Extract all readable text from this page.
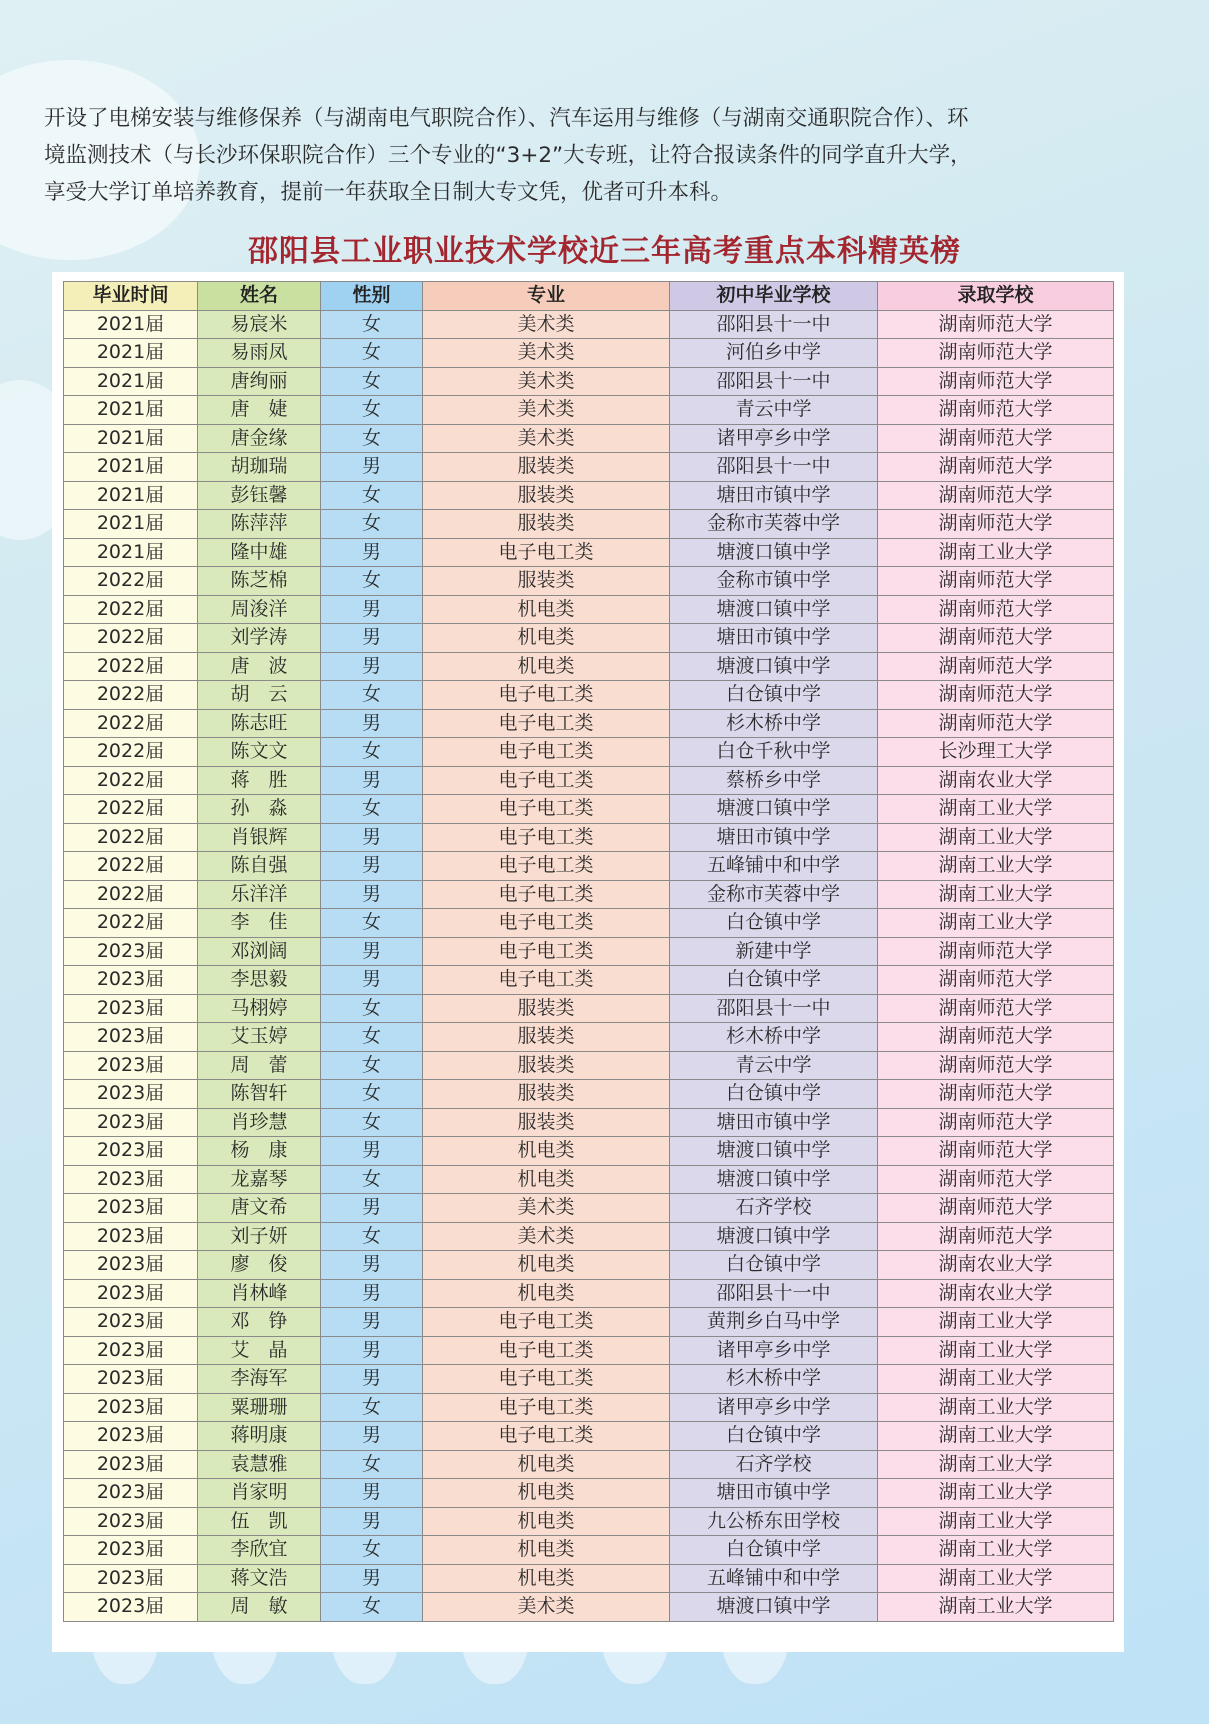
开设了电梯安装与维修保养（与湖南电气职院合作）、汽车运用与维修（与湖南交通职院合作）、环

境监测技术（与长沙环保职院合作）三个专业的“3+2”大专班，让符合报读条件的同学直升大学，

享受大学订单培养教育，提前一年获取全日制大专文凭，优者可升本科。

邵阳县工业职业技术学校近三年高考重点本科精英榜
毕业时间	姓名	性别	专业	初中毕业学校	录取学校
2021届	易宸米	女	美术类	邵阳县十一中	湖南师范大学
2021届	易雨凤	女	美术类	河伯乡中学	湖南师范大学
2021届	唐绚丽	女	美术类	邵阳县十一中	湖南师范大学
2021届	唐　婕	女	美术类	青云中学	湖南师范大学
2021届	唐金缘	女	美术类	诸甲亭乡中学	湖南师范大学
2021届	胡珈瑞	男	服装类	邵阳县十一中	湖南师范大学
2021届	彭钰馨	女	服装类	塘田市镇中学	湖南师范大学
2021届	陈萍萍	女	服装类	金称市芙蓉中学	湖南师范大学
2021届	隆中雄	男	电子电工类	塘渡口镇中学	湖南工业大学
2022届	陈芝棉	女	服装类	金称市镇中学	湖南师范大学
2022届	周浚洋	男	机电类	塘渡口镇中学	湖南师范大学
2022届	刘学涛	男	机电类	塘田市镇中学	湖南师范大学
2022届	唐　波	男	机电类	塘渡口镇中学	湖南师范大学
2022届	胡　云	女	电子电工类	白仓镇中学	湖南师范大学
2022届	陈志旺	男	电子电工类	杉木桥中学	湖南师范大学
2022届	陈文文	女	电子电工类	白仓千秋中学	长沙理工大学
2022届	蒋　胜	男	电子电工类	蔡桥乡中学	湖南农业大学
2022届	孙　淼	女	电子电工类	塘渡口镇中学	湖南工业大学
2022届	肖银辉	男	电子电工类	塘田市镇中学	湖南工业大学
2022届	陈自强	男	电子电工类	五峰铺中和中学	湖南工业大学
2022届	乐洋洋	男	电子电工类	金称市芙蓉中学	湖南工业大学
2022届	李　佳	女	电子电工类	白仓镇中学	湖南工业大学
2023届	邓浏阔	男	电子电工类	新建中学	湖南师范大学
2023届	李思毅	男	电子电工类	白仓镇中学	湖南师范大学
2023届	马栩婷	女	服装类	邵阳县十一中	湖南师范大学
2023届	艾玉婷	女	服装类	杉木桥中学	湖南师范大学
2023届	周　蕾	女	服装类	青云中学	湖南师范大学
2023届	陈智轩	女	服装类	白仓镇中学	湖南师范大学
2023届	肖珍慧	女	服装类	塘田市镇中学	湖南师范大学
2023届	杨　康	男	机电类	塘渡口镇中学	湖南师范大学
2023届	龙嘉琴	女	机电类	塘渡口镇中学	湖南师范大学
2023届	唐文希	男	美术类	石齐学校	湖南师范大学
2023届	刘子妍	女	美术类	塘渡口镇中学	湖南师范大学
2023届	廖　俊	男	机电类	白仓镇中学	湖南农业大学
2023届	肖林峰	男	机电类	邵阳县十一中	湖南农业大学
2023届	邓　铮	男	电子电工类	黄荆乡白马中学	湖南工业大学
2023届	艾　晶	男	电子电工类	诸甲亭乡中学	湖南工业大学
2023届	李海军	男	电子电工类	杉木桥中学	湖南工业大学
2023届	粟珊珊	女	电子电工类	诸甲亭乡中学	湖南工业大学
2023届	蒋明康	男	电子电工类	白仓镇中学	湖南工业大学
2023届	袁慧雅	女	机电类	石齐学校	湖南工业大学
2023届	肖家明	男	机电类	塘田市镇中学	湖南工业大学
2023届	伍　凯	男	机电类	九公桥东田学校	湖南工业大学
2023届	李欣宜	女	机电类	白仓镇中学	湖南工业大学
2023届	蒋文浩	男	机电类	五峰铺中和中学	湖南工业大学
2023届	周　敏	女	美术类	塘渡口镇中学	湖南工业大学
